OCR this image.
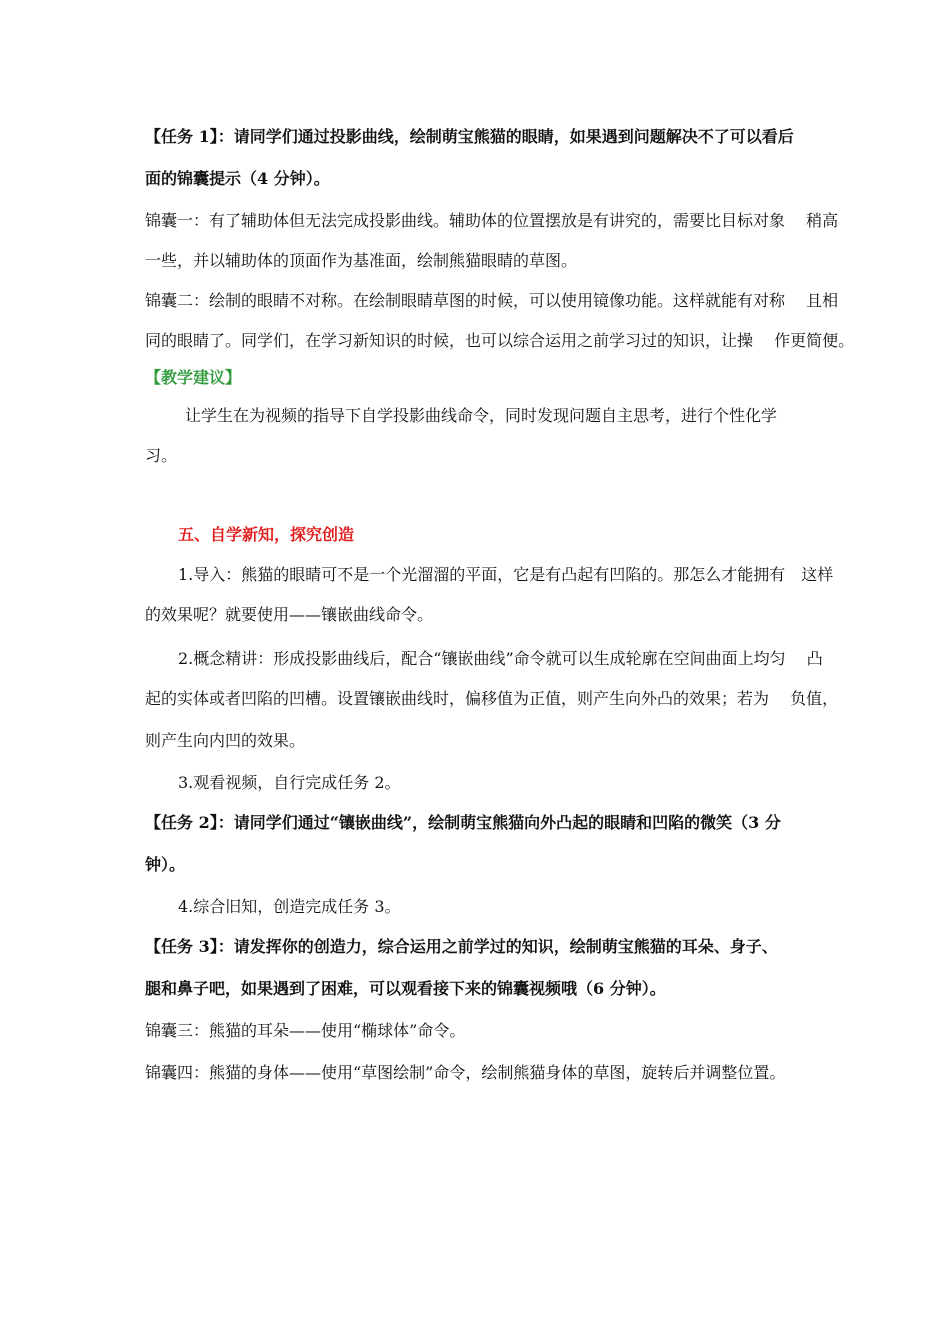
【任务 1】：请同学们通过投影曲线，绘制萌宝熊猫的眼睛，如果遇到问题解决不了可以看后
面的锦囊提示（4 分钟）。
锦囊一：有了辅助体但无法完成投影曲线。辅助体的位置摆放是有讲究的，需要比目标对象　 稍高
一些，并以辅助体的顶面作为基准面，绘制熊猫眼睛的草图。
锦囊二：绘制的眼睛不对称。在绘制眼睛草图的时候，可以使用镜像功能。这样就能有对称　 且相
同的眼睛了。同学们，在学习新知识的时候，也可以综合运用之前学习过的知识，让操　 作更简便。
【教学建议】
让学生在为视频的指导下自学投影曲线命令，同时发现问题自主思考，进行个性化学
习。
五、自学新知，探究创造
1.导入：熊猫的眼睛可不是一个光溜溜的平面，它是有凸起有凹陷的。那怎么才能拥有　这样
的效果呢？就要使用——镶嵌曲线命令。
2.概念精讲：形成投影曲线后，配合“镶嵌曲线”命令就可以生成轮廓在空间曲面上均匀　 凸
起的实体或者凹陷的凹槽。设置镶嵌曲线时，偏移值为正值，则产生向外凸的效果；若为　 负值，
则产生向内凹的效果。
3.观看视频，自行完成任务 2。
【任务 2】：请同学们通过“镶嵌曲线”，绘制萌宝熊猫向外凸起的眼睛和凹陷的微笑（3 分
钟）。
4.综合旧知，创造完成任务 3。
【任务 3】：请发挥你的创造力，综合运用之前学过的知识，绘制萌宝熊猫的耳朵、身子、
腿和鼻子吧，如果遇到了困难，可以观看接下来的锦囊视频哦（6 分钟）。
锦囊三：熊猫的耳朵——使用“椭球体”命令。
锦囊四：熊猫的身体——使用“草图绘制”命令，绘制熊猫身体的草图，旋转后并调整位置。
